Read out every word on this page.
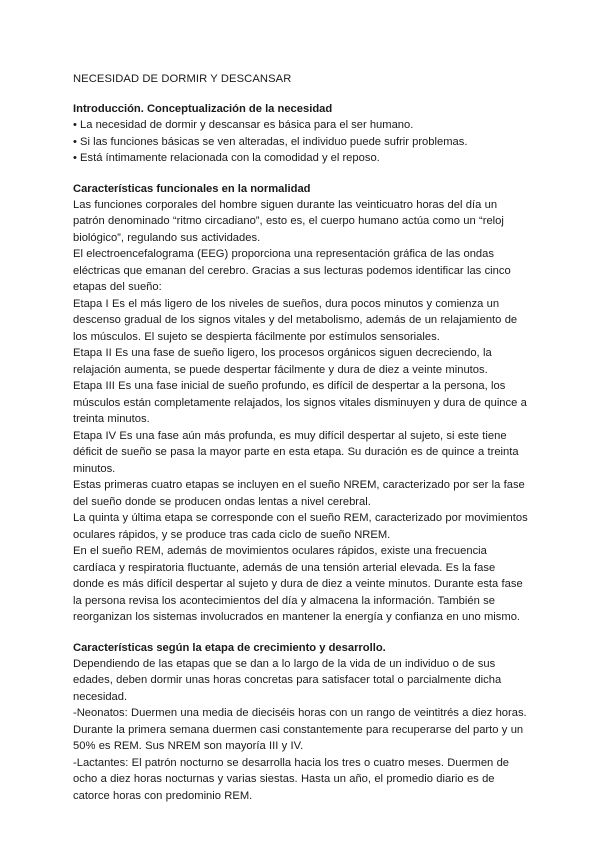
NECESIDAD DE DORMIR Y DESCANSAR

Introducción. Conceptualización de la necesidad

• La necesidad de dormir y descansar es básica para el ser humano.

• Si las funciones básicas se ven alteradas, el individuo puede sufrir problemas.

• Está íntimamente relacionada con la comodidad y el reposo.

Características funcionales en la normalidad

Las funciones corporales del hombre siguen durante las veinticuatro horas del día un patrón denominado “ritmo circadiano”, esto es, el cuerpo humano actúa como un “reloj biológico”, regulando sus actividades.

El electroencefalograma (EEG) proporciona una representación gráfica de las ondas eléctricas que emanan del cerebro. Gracias a sus lecturas podemos identificar las cinco etapas del sueño:

Etapa I Es el más ligero de los niveles de sueños, dura pocos minutos y comienza un descenso gradual de los signos vitales y del metabolismo, además de un relajamiento de los músculos. El sujeto se despierta fácilmente por estímulos sensoriales.

Etapa II Es una fase de sueño ligero, los procesos orgánicos siguen decreciendo, la relajación aumenta, se puede despertar fácilmente y dura de diez a veinte minutos.

Etapa III Es una fase inicial de sueño profundo, es difícil de despertar a la persona, los músculos están completamente relajados, los signos vitales disminuyen y dura de quince a treinta minutos.

Etapa IV Es una fase aún más profunda, es muy difícil despertar al sujeto, si este tiene déficit de sueño se pasa la mayor parte en esta etapa. Su duración es de quince a treinta minutos.

Estas primeras cuatro etapas se incluyen en el sueño NREM, caracterizado por ser la fase del sueño donde se producen ondas lentas a nivel cerebral.

La quinta y última etapa se corresponde con el sueño REM, caracterizado por movimientos oculares rápidos, y se produce tras cada ciclo de sueño NREM.

En el sueño REM, además de movimientos oculares rápidos, existe una frecuencia cardíaca y respiratoria fluctuante, además de una tensión arterial elevada. Es la fase donde es más difícil despertar al sujeto y dura de diez a veinte minutos. Durante esta fase la persona revisa los acontecimientos del día y almacena la información. También se reorganizan los sistemas involucrados en mantener la energía y confianza en uno mismo.

Características según la etapa de crecimiento y desarrollo.

Dependiendo de las etapas que se dan a lo largo de la vida de un individuo o de sus edades, deben dormir unas horas concretas para satisfacer total o parcialmente dicha necesidad.

-Neonatos: Duermen una media de dieciséis horas con un rango de veintitrés a diez horas. Durante la primera semana duermen casi constantemente para recuperarse del parto y un 50% es REM. Sus NREM son mayoría III y IV.

-Lactantes: El patrón nocturno se desarrolla hacia los tres o cuatro meses. Duermen de ocho a diez horas nocturnas y varias siestas. Hasta un año, el promedio diario es de catorce horas con predominio REM.
